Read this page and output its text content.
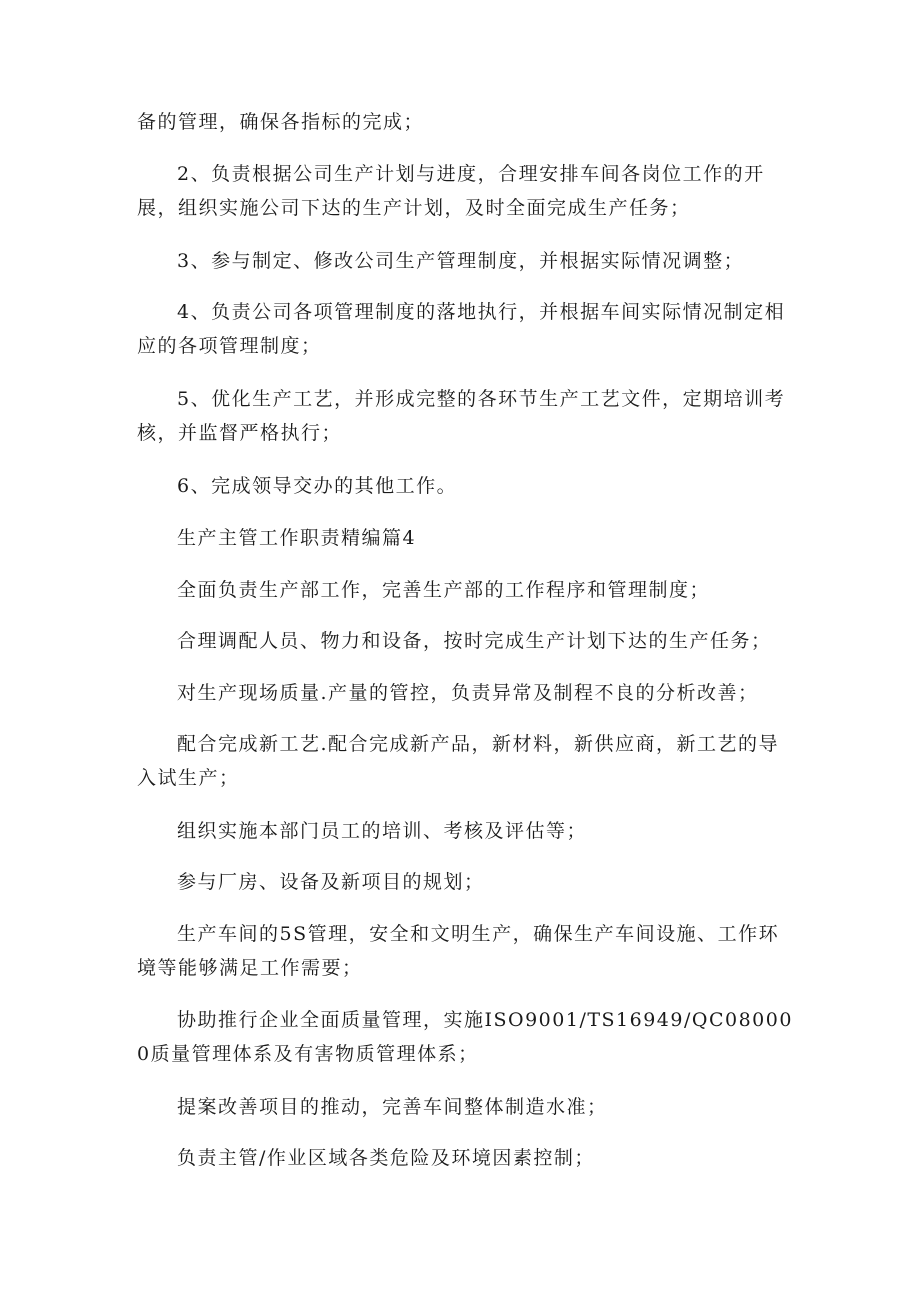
备的管理，确保各指标的完成；

2、负责根据公司生产计划与进度，合理安排车间各岗位工作的开展，组织实施公司下达的生产计划，及时全面完成生产任务；

3、参与制定、修改公司生产管理制度，并根据实际情况调整；

4、负责公司各项管理制度的落地执行，并根据车间实际情况制定相应的各项管理制度；

5、优化生产工艺，并形成完整的各环节生产工艺文件，定期培训考核，并监督严格执行；

6、完成领导交办的其他工作。

生产主管工作职责精编篇4

全面负责生产部工作，完善生产部的工作程序和管理制度；

合理调配人员、物力和设备，按时完成生产计划下达的生产任务；

对生产现场质量.产量的管控，负责异常及制程不良的分析改善；

配合完成新工艺.配合完成新产品，新材料，新供应商，新工艺的导入试生产；

组织实施本部门员工的培训、考核及评估等；

参与厂房、设备及新项目的规划；

生产车间的5S管理，安全和文明生产，确保生产车间设施、工作环境等能够满足工作需要；

协助推行企业全面质量管理，实施ISO9001/TS16949/QC080000质量管理体系及有害物质管理体系；

提案改善项目的推动，完善车间整体制造水准；

负责主管/作业区域各类危险及环境因素控制；
